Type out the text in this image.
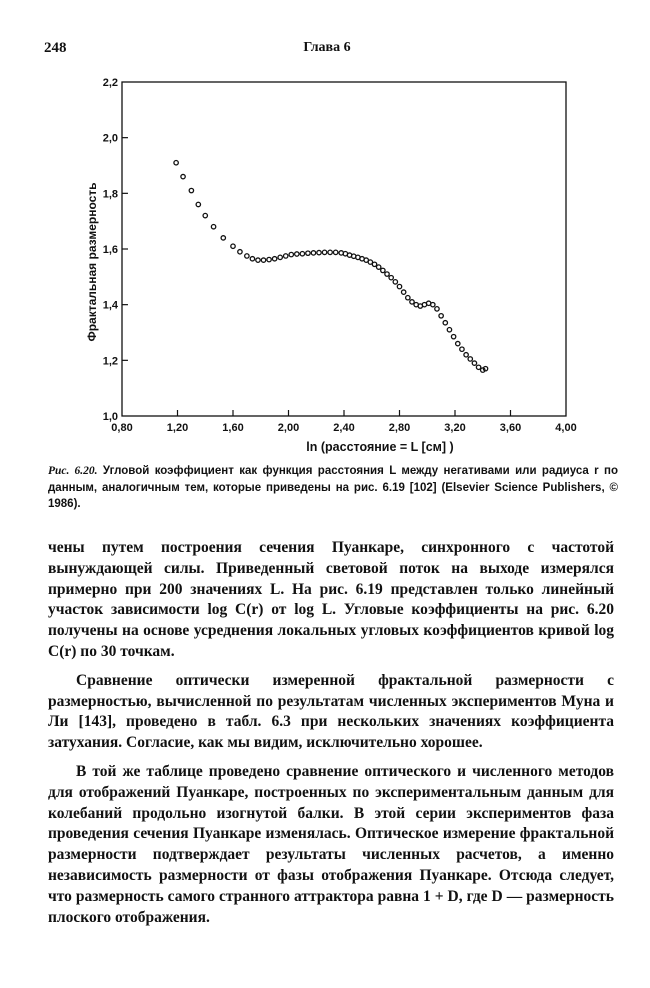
248	Глава 6
1,0
1,2
1,4
1,6
1,8
2,0
2,2
0,80	1,20	1,60	2,00	2,40	2,80	3,20	3,60	4,00
Фрактальная размерность
ln (расстояние = L [см] )
Рис. 6.20. Угловой коэффициент как функция расстояния L между негативами или радиуса r по данным, аналогичным тем, которые приведены на рис. 6.19 [102] (Elsevier Science Publishers, © 1986).

чены путем построения сечения Пуанкаре, синхронного с частотой вынуждающей силы. Приведенный световой поток на выходе измерялся примерно при 200 значениях L. На рис. 6.19 представлен только линейный участок зависимости log C(r) от log L. Угловые коэффициенты на рис. 6.20 получены на основе усреднения локальных угловых коэффициентов кривой log C(r) по 30 точкам.

Сравнение оптически измеренной фрактальной размерности с размерностью, вычисленной по результатам численных экспериментов Муна и Ли [143], проведено в табл. 6.3 при нескольких значениях коэффициента затухания. Согласие, как мы видим, исключительно хорошее.

В той же таблице проведено сравнение оптического и численного методов для отображений Пуанкаре, построенных по экспериментальным данным для колебаний продольно изогнутой балки. В этой серии экспериментов фаза проведения сечения Пуанкаре изменялась. Оптическое измерение фрактальной размерности подтверждает результаты численных расчетов, а именно независимость размерности от фазы отображения Пуанкаре. Отсюда следует, что размерность самого странного аттрактора равна 1 + D, где D — размерность плоского отображения.
